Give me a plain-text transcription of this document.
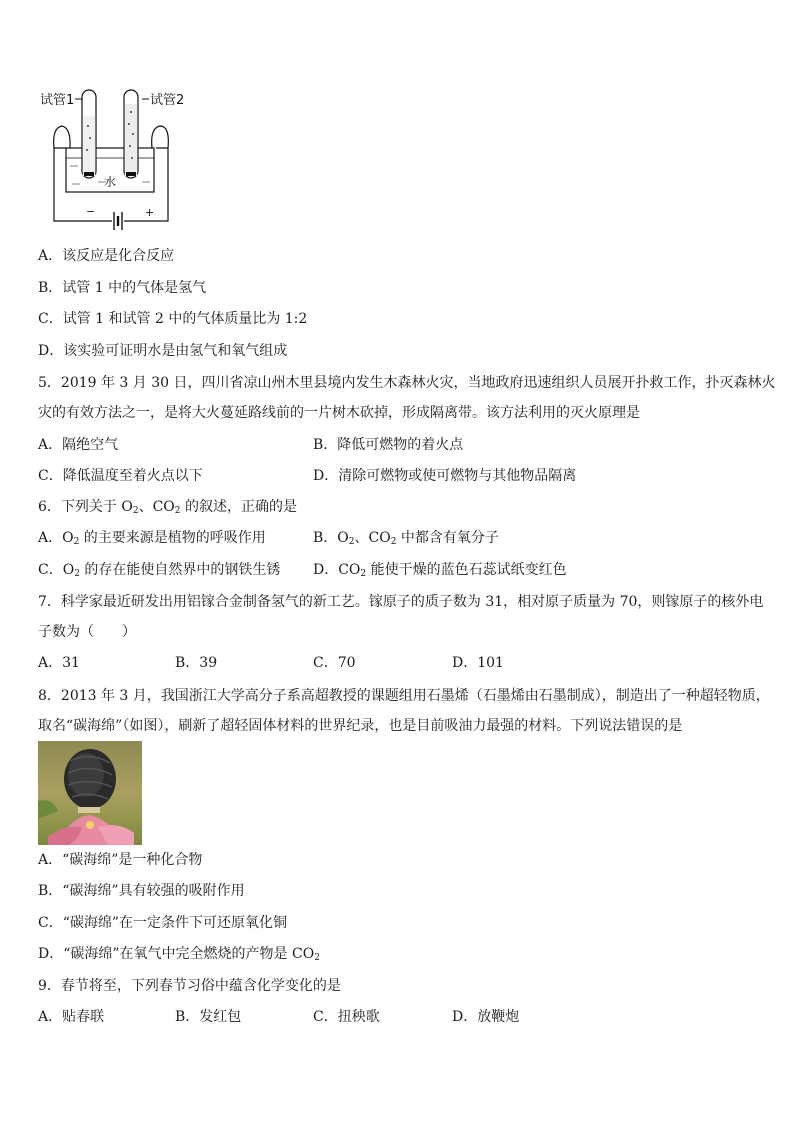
试管1	试管2
−	+
水
A．该反应是化合反应
B．试管 1 中的气体是氢气
C．试管 1 和试管 2 中的气体质量比为 1:2
D．该实验可证明水是由氢气和氧气组成
5．2019 年 3 月 30 日，四川省凉山州木里县境内发生木森林火灾，当地政府迅速组织人员展开扑救工作，扑灭森林火
灾的有效方法之一，是将大火蔓延路线前的一片树木砍掉，形成隔离带。该方法利用的灭火原理是
A．隔绝空气	B．降低可燃物的着火点
C．降低温度至着火点以下	D．清除可燃物或使可燃物与其他物品隔离
6．下列关于 $O_2$、$CO_2$ 的叙述，正确的是
A．$O_2$ 的主要来源是植物的呼吸作用	B．$O_2$、$CO_2$ 中都含有氧分子
C．$O_2$ 的存在能使自然界中的钢铁生锈 D．$CO_2$ 能使干燥的蓝色石蕊试纸变红色
7．科学家最近研发出用铝镓合金制备氢气的新工艺。镓原子的质子数为 31，相对原子质量为 70，则镓原子的核外电
子数为（　　）
A．31	B．39	C．70	D．101
8．2013 年 3 月，我国浙江大学高分子系高超教授的课题组用石墨烯（石墨烯由石墨制成），制造出了一种超轻物质，
取名“碳海绵”（如图），刷新了超轻固体材料的世界纪录，也是目前吸油力最强的材料。下列说法错误的是
A．“碳海绵”是一种化合物
B．“碳海绵”具有较强的吸附作用
C．“碳海绵”在一定条件下可还原氧化铜
D．“碳海绵”在氧气中完全燃烧的产物是 $CO_2$
9．春节将至，下列春节习俗中蕴含化学变化的是
A．贴春联	B．发红包	C．扭秧歌	D．放鞭炮
